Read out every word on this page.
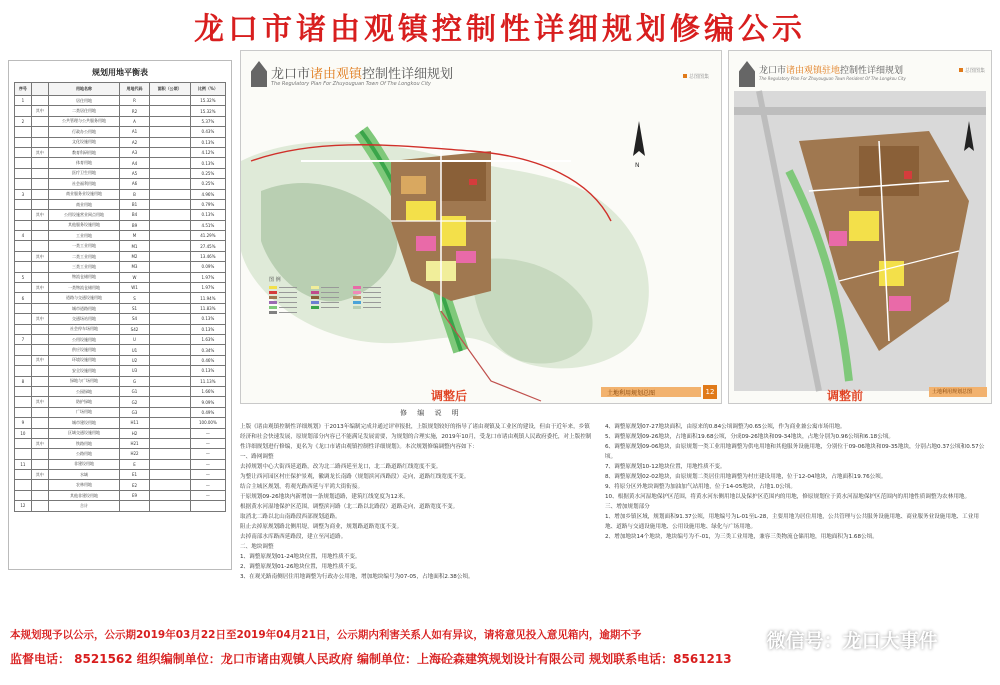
龙口市诸由观镇控制性详细规划修编公示
规划用地平衡表
序号		用地名称	用地代码	面积（公顷）	比例（%）
1		居住用地	R		15.32%
	其中	二类居住用地	R2		15.32%
2		公共管理与公共服务用地	A		5.37%
		行政办公用地	A1		0.43%
		文化设施用地	A2		0.13%
	其中	教育科研用地	A3		4.12%
		体育用地	A4		0.13%
		医疗卫生用地	A5		0.25%
		社会福利用地	A6		0.25%
3		商业服务业设施用地	B		4.96%
		商业用地	B1		0.79%
	其中	公用设施营业网点用地	B4		0.13%
		其他服务设施用地	B9		4.51%
4		工业用地	M		41.29%
		一类工业用地	M1		27.45%
	其中	二类工业用地	M2		13.46%
		三类工业用地	M3		0.09%
5		物流仓储用地	W		1.97%
	其中	一类物流仓储用地	W1		1.97%
6		道路与交通设施用地	S		11.94%
		城市道路用地	S1		11.83%
	其中	交通场站用地	S4		0.13%
		社会停车场用地	S42		0.13%
7		公用设施用地	U		1.63%
		供应设施用地	U1		0.34%
	其中	环境设施用地	U2		0.46%
		安全设施用地	U3		0.13%
8		绿地与广场用地	G		11.13%
		公园绿地	G1		1.66%
	其中	防护绿地	G2		9.09%
		广场用地	G3		0.49%
9		城市建设用地	H11		100.00%
10		区域交通设施用地	H2		—
	其中	铁路用地	H21		—
		公路用地	H22		—
11		非建设用地	E		—
	其中	水域	E1		—
		农林用地	E2		—
		其他非建设用地	E9		—
12		合计			
龙口市诸由观镇控制性详细规划
The Regulatory Plan For Zhuyouguan Town Of The Longkou City
总图图集
N
图 例
调整后	土地利用规划总图	12
龙口市诸由观镇驻地控制性详细规划
The Regulatory Plan For Zhuyouguan Town Resident Of The Longkou City
总图图集
调整前	土地利用规划总图
修 编 说 明

上版《诸由观镇控制性详细规划》于2013年编制完成并通过评审报批，上版规划较好的指导了诸由观镇及工业区的建设，但由于近年来，乡镇经济和社会快速发展，原规划部分内容已不能满足发展需要，为规划的合理实施，2019年10月，受龙口市诸由观镇人民政府委托，对上版控制性详细规划进行修编，更名为《龙口市诸由观镇控制性详细规划》。本次规划修编调整内容如下：

一、路网调整

去掉规划中心大街西延道路，改为北二路西延至龙口，北二路道路红线宽度不变。

为整让西河园区村庄保护景观，徽调龙长南路（规划滨河西路段）走向，道路红线宽度不变。

结合主城区规划，将观光路西延与平鸿大街衔接。

于原规划09-26地块内新增加一条规划道路，建筑红线宽度为12米。

根据黄水河湿地保护区范围，调整滨河路（北二路以北路段）道路走向，道路宽度不变。

取消北二路以北山南路段西部规划道路。

阻止去掉原规划路北侧用堤，调整为商业，规划路道路宽度不变。

去掉南部水库路西延路段，建立至河道路。

二、地块调整

1、调整原规划01-24地块位置，用地性质不变。

2、调整原规划01-26地块位置，用地性质不变。

3、在观光路南侧居住用地调整为行政办公用地，增加地块编号为07-05，占地面积2.38公顷。

4、调整原规划07-27地块面积，由原来的0.84公顷调整为0.65公顷，作为商业兼公寓市场用地。

5、调整原规划09-26地块，占地面积19.68公顷，分成09-26地块和09-34地块，占地分别为0.96公顷和6.18公顷。

6、调整原规划09-06地块，由原规划一类工业用地调整为供电用地和其他服务设施用地，分别位于09-06地块和09-35地块，分别占地0.37公顷和0.57公顷。

7、调整原规划10-12地块位置，用地性质不变。

8、调整原规划02-02地块，由原规划二类居住用地调整为村庄建设用地，位于12-04地块，占地面积19.76公顷。

9、将原分区外地块调整为加油加气站用地，位于14-05地块，占地1.0公顷。

10、根据黄水河湿地保护区范围，将黄水河东侧用地以及保护区范围内的用地，修原规划位于黄水河湿地保护区范围内的用地性质调整为农林用地。

三、增加规划部分

1、增加乡镇区域，规划面积91.37公顷，用地编号为L-01至L-28，主要用地为居住用地，公共管理与公共服务设施用地、商业服务业设施用地、工业用地、道路与交通设施用地、公用设施用地、绿化与广场用地。

2、增加地块14个地块，地块编号为不-01，为三类工业用地，兼容三类物流仓储用地，用地面积为1.68公顷。

本规划现予以公示，公示期2019年03月22日至2019年04月21日，公示期内利害关系人如有异议，请将意见投入意见箱内，逾期不予
监督电话： 8521562 组织编制单位：龙口市诸由观镇人民政府 编制单位：上海砼森建筑规划设计有限公司 规划联系电话：8561213
微信号：龙口大事件
